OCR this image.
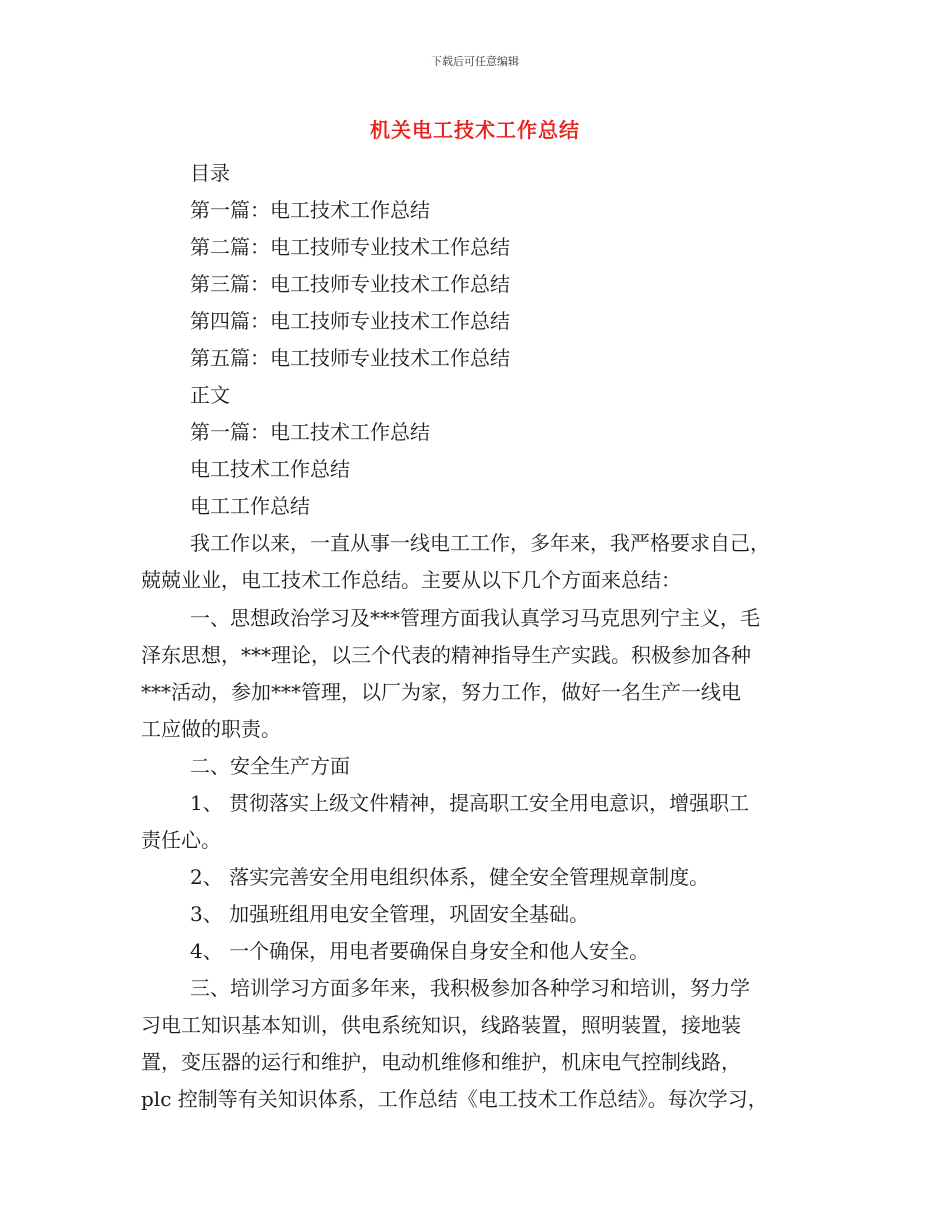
下载后可任意编辑
机关电工技术工作总结
目录
第一篇：电工技术工作总结
第二篇：电工技师专业技术工作总结
第三篇：电工技师专业技术工作总结
第四篇：电工技师专业技术工作总结
第五篇：电工技师专业技术工作总结
正文
第一篇：电工技术工作总结
电工技术工作总结
电工工作总结
我工作以来，一直从事一线电工工作，多年来，我严格要求自己，
兢兢业业，电工技术工作总结。主要从以下几个方面来总结：
一、思想政治学习及***管理方面我认真学习马克思列宁主义，毛
泽东思想，***理论，以三个代表的精神指导生产实践。积极参加各种
***活动，参加***管理，以厂为家，努力工作，做好一名生产一线电
工应做的职责。
二、安全生产方面
1、 贯彻落实上级文件精神，提高职工安全用电意识，增强职工
责任心。
2、 落实完善安全用电组织体系，健全安全管理规章制度。
3、 加强班组用电安全管理，巩固安全基础。
4、 一个确保，用电者要确保自身安全和他人安全。
三、培训学习方面多年来，我积极参加各种学习和培训，努力学
习电工知识基本知训，供电系统知识，线路装置，照明装置，接地装
置，变压器的运行和维护，电动机维修和维护，机床电气控制线路，
plc 控制等有关知识体系，工作总结《电工技术工作总结》。每次学习，
